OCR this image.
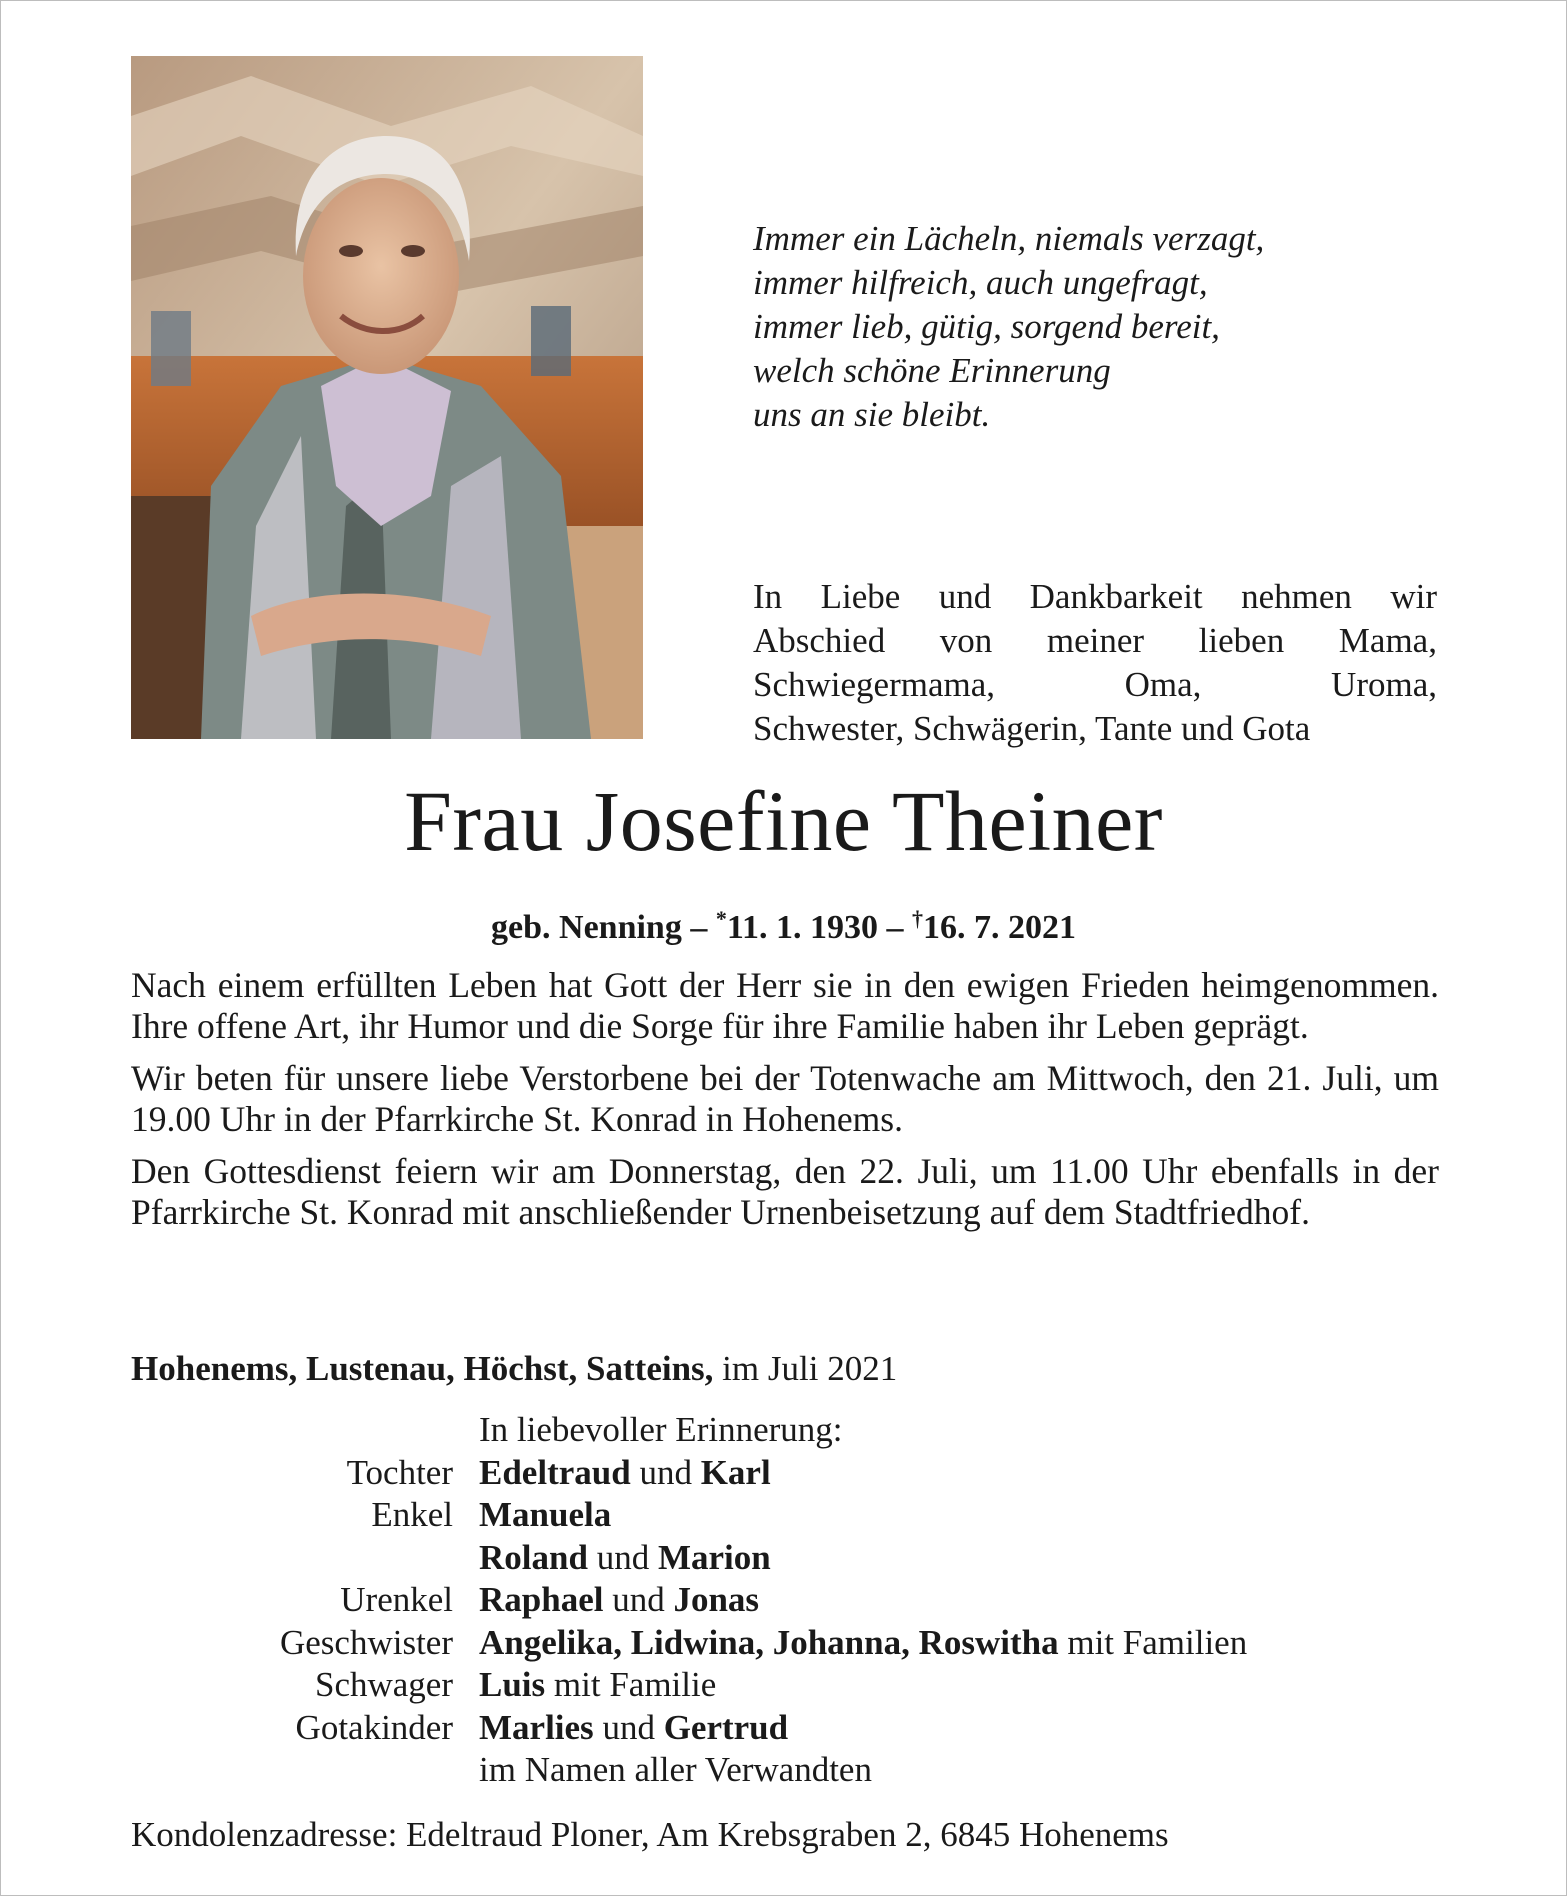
Immer ein Lächeln, niemals verzagt,
immer hilfreich, auch ungefragt,
immer lieb, gütig, sorgend bereit,
welch schöne Erinnerung
uns an sie bleibt.
In Liebe und Dankbarkeit nehmen wir
Abschied von meiner lieben Mama,
Schwiegermama,	Oma,	Uroma,
Schwester, Schwägerin, Tante und Gota
Frau Josefine Theiner
geb. Nenning – *11. 1. 1930 – †16. 7. 2021

Nach einem erfüllten Leben hat Gott der Herr sie in den ewigen Frieden heimgenommen. Ihre offene Art, ihr Humor und die Sorge für ihre Familie haben ihr Leben geprägt.

Wir beten für unsere liebe Verstorbene bei der Totenwache am Mittwoch, den 21. Juli, um 19.00 Uhr in der Pfarrkirche St. Konrad in Hohenems.

Den Gottesdienst feiern wir am Donnerstag, den 22. Juli, um 11.00 Uhr ebenfalls in der Pfarrkirche St. Konrad mit anschließender Urnenbeisetzung auf dem Stadtfriedhof.

Hohenems, Lustenau, Höchst, Satteins, im Juli 2021
In liebevoller Erinnerung:
Tochter Edeltraud und Karl
Enkel Manuela
Roland und Marion
Urenkel Raphael und Jonas
Geschwister Angelika, Lidwina, Johanna, Roswitha mit Familien
Schwager Luis mit Familie
Gotakinder Marlies und Gertrud
im Namen aller Verwandten
Kondolenzadresse: Edeltraud Ploner, Am Krebsgraben 2, 6845 Hohenems
